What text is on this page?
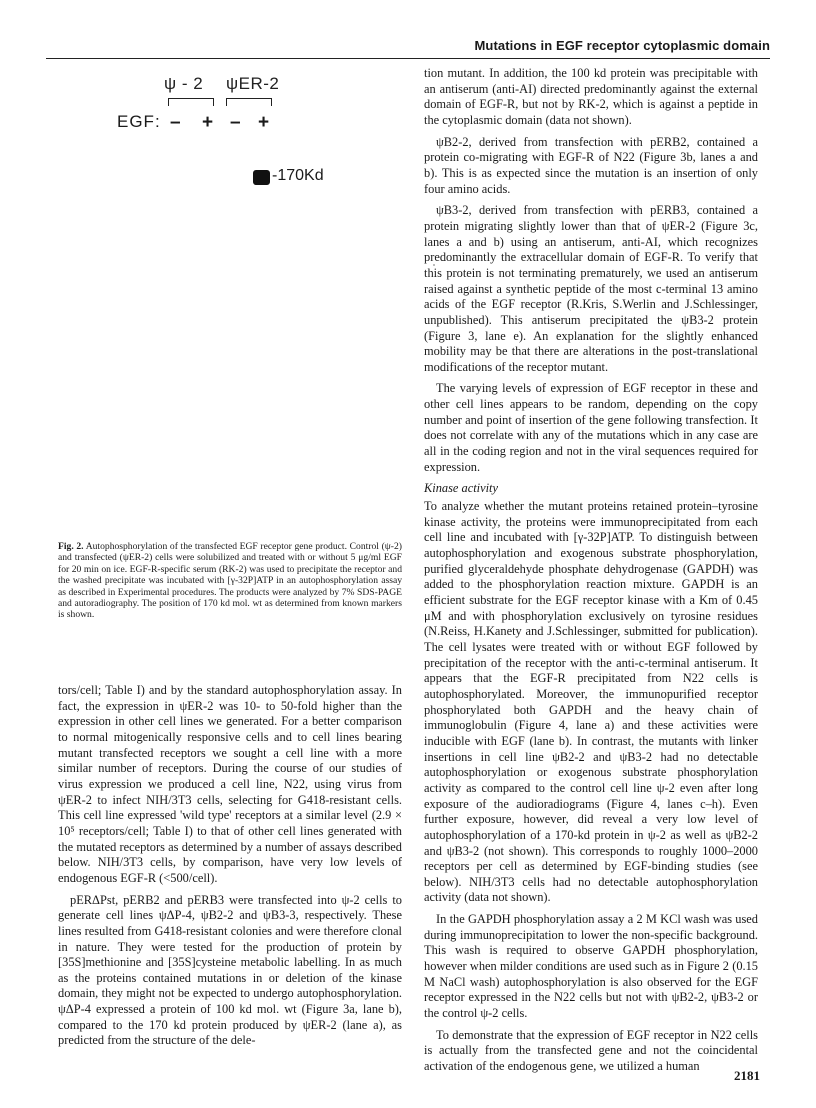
Mutations in EGF receptor cytoplasmic domain
ψ - 2 ψER-2
EGF: – + – +
-170Kd
Fig. 2. Autophosphorylation of the transfected EGF receptor gene product. Control (ψ-2) and transfected (ψER-2) cells were solubilized and treated with or without 5 μg/ml EGF for 20 min on ice. EGF-R-specific serum (RK-2) was used to precipitate the receptor and the washed precipitate was incubated with [γ-32P]ATP in an autophosphorylation assay as described in Experimental procedures. The products were analyzed by 7% SDS-PAGE and autoradiography. The position of 170 kd mol. wt as determined from known markers is shown.

tors/cell; Table I) and by the standard autophosphorylation assay. In fact, the expression in ψER-2 was 10- to 50-fold higher than the expression in other cell lines we generated. For a better comparison to normal mitogenically responsive cells and to cell lines bearing mutant transfected receptors we sought a cell line with a more similar number of receptors. During the course of our studies of virus expression we produced a cell line, N22, using virus from ψER-2 to infect NIH/3T3 cells, selecting for G418-resistant cells. This cell line expressed 'wild type' receptors at a similar level (2.9 × 10⁵ receptors/cell; Table I) to that of other cell lines generated with the mutated receptors as determined by a number of assays described below. NIH/3T3 cells, by comparison, have very low levels of endogenous EGF-R (<500/cell).

pERΔPst, pERB2 and pERB3 were transfected into ψ-2 cells to generate cell lines ψΔP-4, ψB2-2 and ψB3-3, respectively. These lines resulted from G418-resistant colonies and were therefore clonal in nature. They were tested for the production of protein by [35S]methionine and [35S]cysteine metabolic labelling. In as much as the proteins contained mutations in or deletion of the kinase domain, they might not be expected to undergo autophosphorylation. ψΔP-4 expressed a protein of 100 kd mol. wt (Figure 3a, lane b), compared to the 170 kd protein produced by ψER-2 (lane a), as predicted from the structure of the dele-

tion mutant. In addition, the 100 kd protein was precipitable with an antiserum (anti-AI) directed predominantly against the external domain of EGF-R, but not by RK-2, which is against a peptide in the cytoplasmic domain (data not shown).

ψB2-2, derived from transfection with pERB2, contained a protein co-migrating with EGF-R of N22 (Figure 3b, lanes a and b). This is as expected since the mutation is an insertion of only four amino acids.

ψB3-2, derived from transfection with pERB3, contained a protein migrating slightly lower than that of ψER-2 (Figure 3c, lanes a and b) using an antiserum, anti-AI, which recognizes predominantly the extracellular domain of EGF-R. To verify that this protein is not terminating prematurely, we used an antiserum raised against a synthetic peptide of the most c-terminal 13 amino acids of the EGF receptor (R.Kris, S.Werlin and J.Schlessinger, unpublished). This antiserum precipitated the ψB3-2 protein (Figure 3, lane e). An explanation for the slightly enhanced mobility may be that there are alterations in the post-translational modifications of the receptor mutant.

The varying levels of expression of EGF receptor in these and other cell lines appears to be random, depending on the copy number and point of insertion of the gene following transfection. It does not correlate with any of the mutations which in any case are all in the coding region and not in the viral sequences required for expression.

Kinase activity

To analyze whether the mutant proteins retained protein–tyrosine kinase activity, the proteins were immunoprecipitated from each cell line and incubated with [γ-32P]ATP. To distinguish between autophosphorylation and exogenous substrate phosphorylation, purified glyceraldehyde phosphate dehydrogenase (GAPDH) was added to the phosphorylation reaction mixture. GAPDH is an efficient substrate for the EGF receptor kinase with a Km of 0.45 μM and with phosphorylation exclusively on tyrosine residues (N.Reiss, H.Kanety and J.Schlessinger, submitted for publication). The cell lysates were treated with or without EGF followed by precipitation of the receptor with the anti-c-terminal antiserum. It appears that the EGF-R precipitated from N22 cells is autophosphorylated. Moreover, the immunopurified receptor phosphorylated both GAPDH and the heavy chain of immunoglobulin (Figure 4, lane a) and these activities were inducible with EGF (lane b). In contrast, the mutants with linker insertions in cell line ψB2-2 and ψB3-2 had no detectable autophosphorylation or exogenous substrate phosphorylation activity as compared to the control cell line ψ-2 even after long exposure of the audioradiograms (Figure 4, lanes c–h). Even further exposure, however, did reveal a very low level of autophosphorylation of a 170-kd protein in ψ-2 as well as ψB2-2 and ψB3-2 (not shown). This corresponds to roughly 1000–2000 receptors per cell as determined by EGF-binding studies (see below). NIH/3T3 cells had no detectable autophosphorylation activity (data not shown).

In the GAPDH phosphorylation assay a 2 M KCl wash was used during immunoprecipitation to lower the non-specific background. This wash is required to observe GAPDH phosphorylation, however when milder conditions are used such as in Figure 2 (0.15 M NaCl wash) autophosphorylation is also observed for the EGF receptor expressed in the N22 cells but not with ψB2-2, ψB3-2 or the control ψ-2 cells.

To demonstrate that the expression of EGF receptor in N22 cells is actually from the transfected gene and not the coincidental activation of the endogenous gene, we utilized a human

2181
